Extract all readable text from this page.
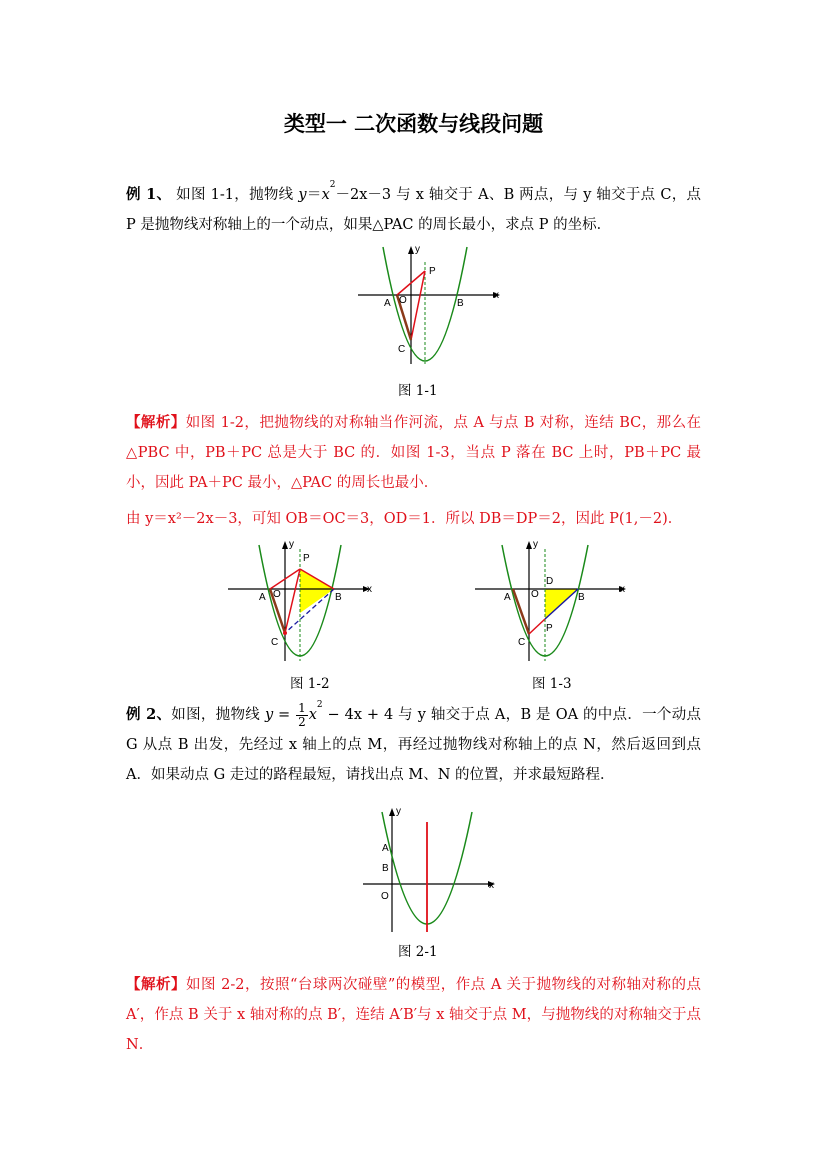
类型一 二次函数与线段问题
例 1、 如图 1-1，抛物线 $y=x^2-2x-3$ 与 x 轴交于 A、B 两点，与 y 轴交于点 C，点 P 是抛物线对称轴上的一个动点，如果△PAC 的周长最小，求点 P 的坐标．
y
x
A O	B
P
C
图 1-1
【解析】如图 1-2，把抛物线的对称轴当作河流，点 A 与点 B 对称，连结 BC，那么在△PBC 中，PB＋PC 总是大于 BC 的．如图 1-3，当点 P 落在 BC 上时，PB＋PC 最小，因此 PA＋PC 最小，△PAC 的周长也最小．
由 y＝x²－2x－3，可知 OB＝OC＝3，OD＝1．所以 DB＝DP＝2，因此 P(1,－2)．
y
x
A O	B
P
C
图 1-2
y
x
A O
D
B
P
C
图 1-3
例 2、如图，抛物线 $y = \frac{1}{2} x^2 - 4x + 4$ 与 y 轴交于点 A，B 是 OA 的中点．一个动点 G 从点 B 出发，先经过 x 轴上的点 M，再经过抛物线对称轴上的点 N，然后返回到点 A．如果动点 G 走过的路程最短，请找出点 M、N 的位置，并求最短路程．
y
x
A
B
O
图 2-1
【解析】如图 2-2，按照“台球两次碰壁”的模型，作点 A 关于抛物线的对称轴对称的点 A′，作点 B 关于 x 轴对称的点 B′，连结 A′B′与 x 轴交于点 M，与抛物线的对称轴交于点 N．
